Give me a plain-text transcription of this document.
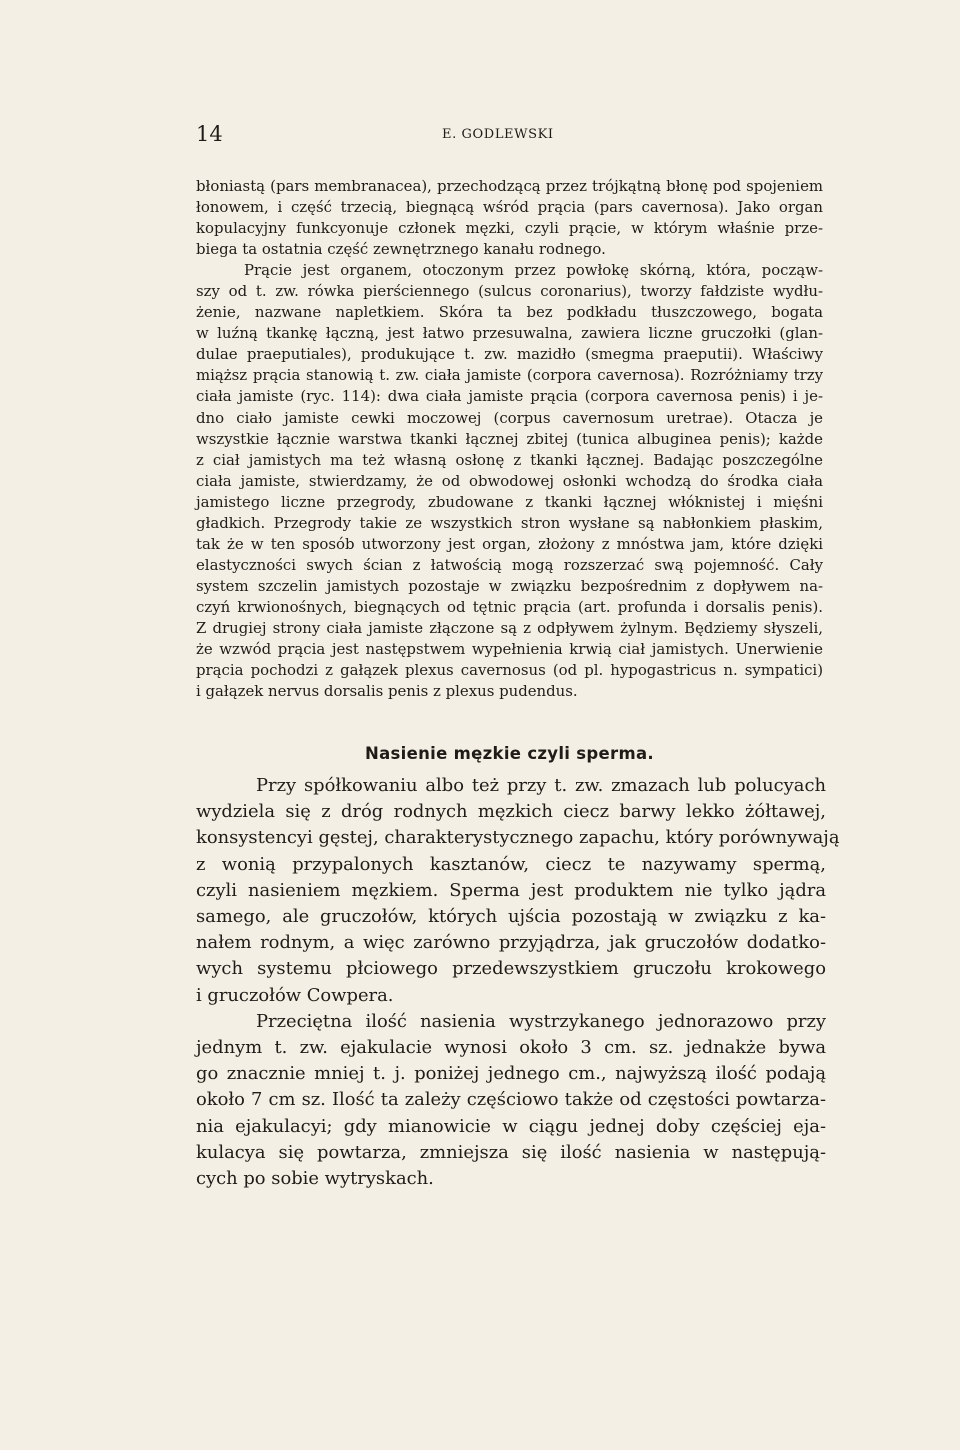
14	E. GODLEWSKI

błoniastą (pars membranacea), przechodzącą przez trójkątną błonę pod spojeniem
łonowem, i część trzecią, biegnącą wśród prącia (pars cavernosa). Jako organ
kopulacyjny funkcyonuje członek męzki, czyli prącie, w którym właśnie prze-
biega ta ostatnia część zewnętrznego kanału rodnego.

Prącie jest organem, otoczonym przez powłokę skórną, która, począw-
szy od t. zw. rówka pierściennego (sulcus coronarius), tworzy fałdziste wydłu-
żenie, nazwane napletkiem. Skóra ta bez podkładu tłuszczowego, bogata
w luźną tkankę łączną, jest łatwo przesuwalna, zawiera liczne gruczołki (glan-
dulae praeputiales), produkujące t. zw. mazidło (smegma praeputii). Właściwy
miąższ prącia stanowią t. zw. ciała jamiste (corpora cavernosa). Rozróżniamy trzy
ciała jamiste (ryc. 114): dwa ciała jamiste prącia (corpora cavernosa penis) i je-
dno ciało jamiste cewki moczowej (corpus cavernosum uretrae). Otacza je
wszystkie łącznie warstwa tkanki łącznej zbitej (tunica albuginea penis); każde
z ciał jamistych ma też własną osłonę z tkanki łącznej. Badając poszczególne
ciała jamiste, stwierdzamy, że od obwodowej osłonki wchodzą do środka ciała
jamistego liczne przegrody, zbudowane z tkanki łącznej włóknistej i mięśni
gładkich. Przegrody takie ze wszystkich stron wysłane są nabłonkiem płaskim,
tak że w ten sposób utworzony jest organ, złożony z mnóstwa jam, które dzięki
elastyczności swych ścian z łatwością mogą rozszerzać swą pojemność. Cały
system szczelin jamistych pozostaje w związku bezpośrednim z dopływem na-
czyń krwionośnych, biegnących od tętnic prącia (art. profunda i dorsalis penis).
Z drugiej strony ciała jamiste złączone są z odpływem żylnym. Będziemy słyszeli,
że wzwód prącia jest następstwem wypełnienia krwią ciał jamistych. Unerwienie
prącia pochodzi z gałązek plexus cavernosus (od pl. hypogastricus n. sympatici)
i gałązek nervus dorsalis penis z plexus pudendus.

Nasienie męzkie czyli sperma.

Przy spółkowaniu albo też przy t. zw. zmazach lub polucyach
wydziela się z dróg rodnych męzkich ciecz barwy lekko żółtawej,
konsystencyi gęstej, charakterystycznego zapachu, który porównywają
z wonią przypalonych kasztanów, ciecz te nazywamy spermą,
czyli nasieniem męzkiem. Sperma jest produktem nie tylko jądra
samego, ale gruczołów, których ujścia pozostają w związku z ka-
nałem rodnym, a więc zarówno przyjądrza, jak gruczołów dodatko-
wych systemu płciowego przedewszystkiem gruczołu krokowego
i gruczołów Cowpera.

Przeciętna ilość nasienia wystrzykanego jednorazowo przy
jednym t. zw. ejakulacie wynosi około 3 cm. sz. jednakże bywa
go znacznie mniej t. j. poniżej jednego cm., najwyższą ilość podają
około 7 cm sz. Ilość ta zależy częściowo także od częstości powtarza-
nia ejakulacyi; gdy mianowicie w ciągu jednej doby częściej eja-
kulacya się powtarza, zmniejsza się ilość nasienia w następują-
cych po sobie wytryskach.
